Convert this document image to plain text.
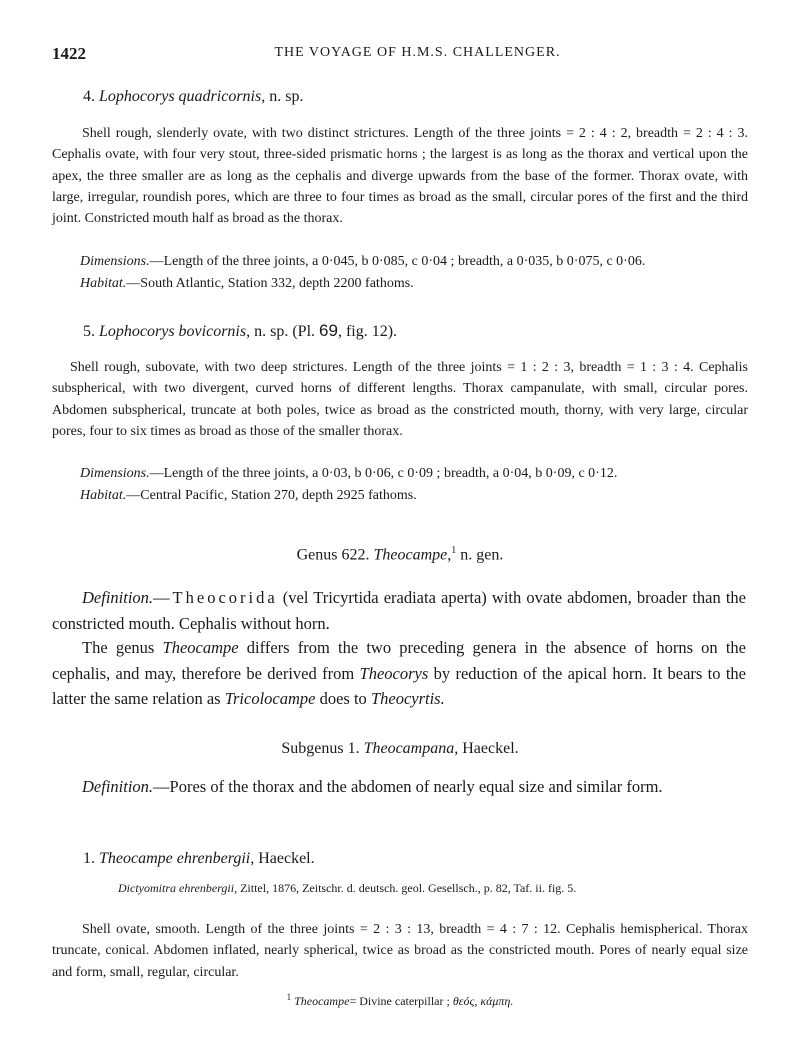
1422	THE VOYAGE OF H.M.S. CHALLENGER.
4. Lophocorys quadricornis, n. sp.

Shell rough, slenderly ovate, with two distinct strictures. Length of the three joints = 2 : 4 : 2, breadth = 2 : 4 : 3. Cephalis ovate, with four very stout, three-sided prismatic horns ; the largest is as long as the thorax and vertical upon the apex, the three smaller are as long as the cephalis and diverge upwards from the base of the former. Thorax ovate, with large, irregular, roundish pores, which are three to four times as broad as the small, circular pores of the first and the third joint. Constricted mouth half as broad as the thorax.

Dimensions.—Length of the three joints, a 0·045, b 0·085, c 0·04 ; breadth, a 0·035, b 0·075, c 0·06.
Habitat.—South Atlantic, Station 332, depth 2200 fathoms.
5. Lophocorys bovicornis, n. sp. (Pl. 69, fig. 12).

Shell rough, subovate, with two deep strictures. Length of the three joints = 1 : 2 : 3, breadth = 1 : 3 : 4. Cephalis subspherical, with two divergent, curved horns of different lengths. Thorax campanulate, with small, circular pores. Abdomen subspherical, truncate at both poles, twice as broad as the constricted mouth, thorny, with very large, circular pores, four to six times as broad as those of the smaller thorax.

Dimensions.—Length of the three joints, a 0·03, b 0·06, c 0·09 ; breadth, a 0·04, b 0·09, c 0·12.
Habitat.—Central Pacific, Station 270, depth 2925 fathoms.
Genus 622. Theocampe,$^1$ n. gen.

Definition.—Theocorida (vel Tricyrtida eradiata aperta) with ovate abdomen, broader than the constricted mouth. Cephalis without horn.

The genus Theocampe differs from the two preceding genera in the absence of horns on the cephalis, and may, therefore be derived from Theocorys by reduction of the apical horn. It bears to the latter the same relation as Tricolocampe does to Theocyrtis.

Subgenus 1. Theocampana, Haeckel.

Definition.—Pores of the thorax and the abdomen of nearly equal size and similar form.

1. Theocampe ehrenbergii, Haeckel.

Dictyomitra ehrenbergii, Zittel, 1876, Zeitschr. d. deutsch. geol. Gesellsch., p. 82, Taf. ii. fig. 5.

Shell ovate, smooth. Length of the three joints = 2 : 3 : 13, breadth = 4 : 7 : 12. Cephalis hemispherical. Thorax truncate, conical. Abdomen inflated, nearly spherical, twice as broad as the constricted mouth. Pores of nearly equal size and form, small, regular, circular.

$^1$ Theocampe= Divine caterpillar ; θεός, κάμπη.
